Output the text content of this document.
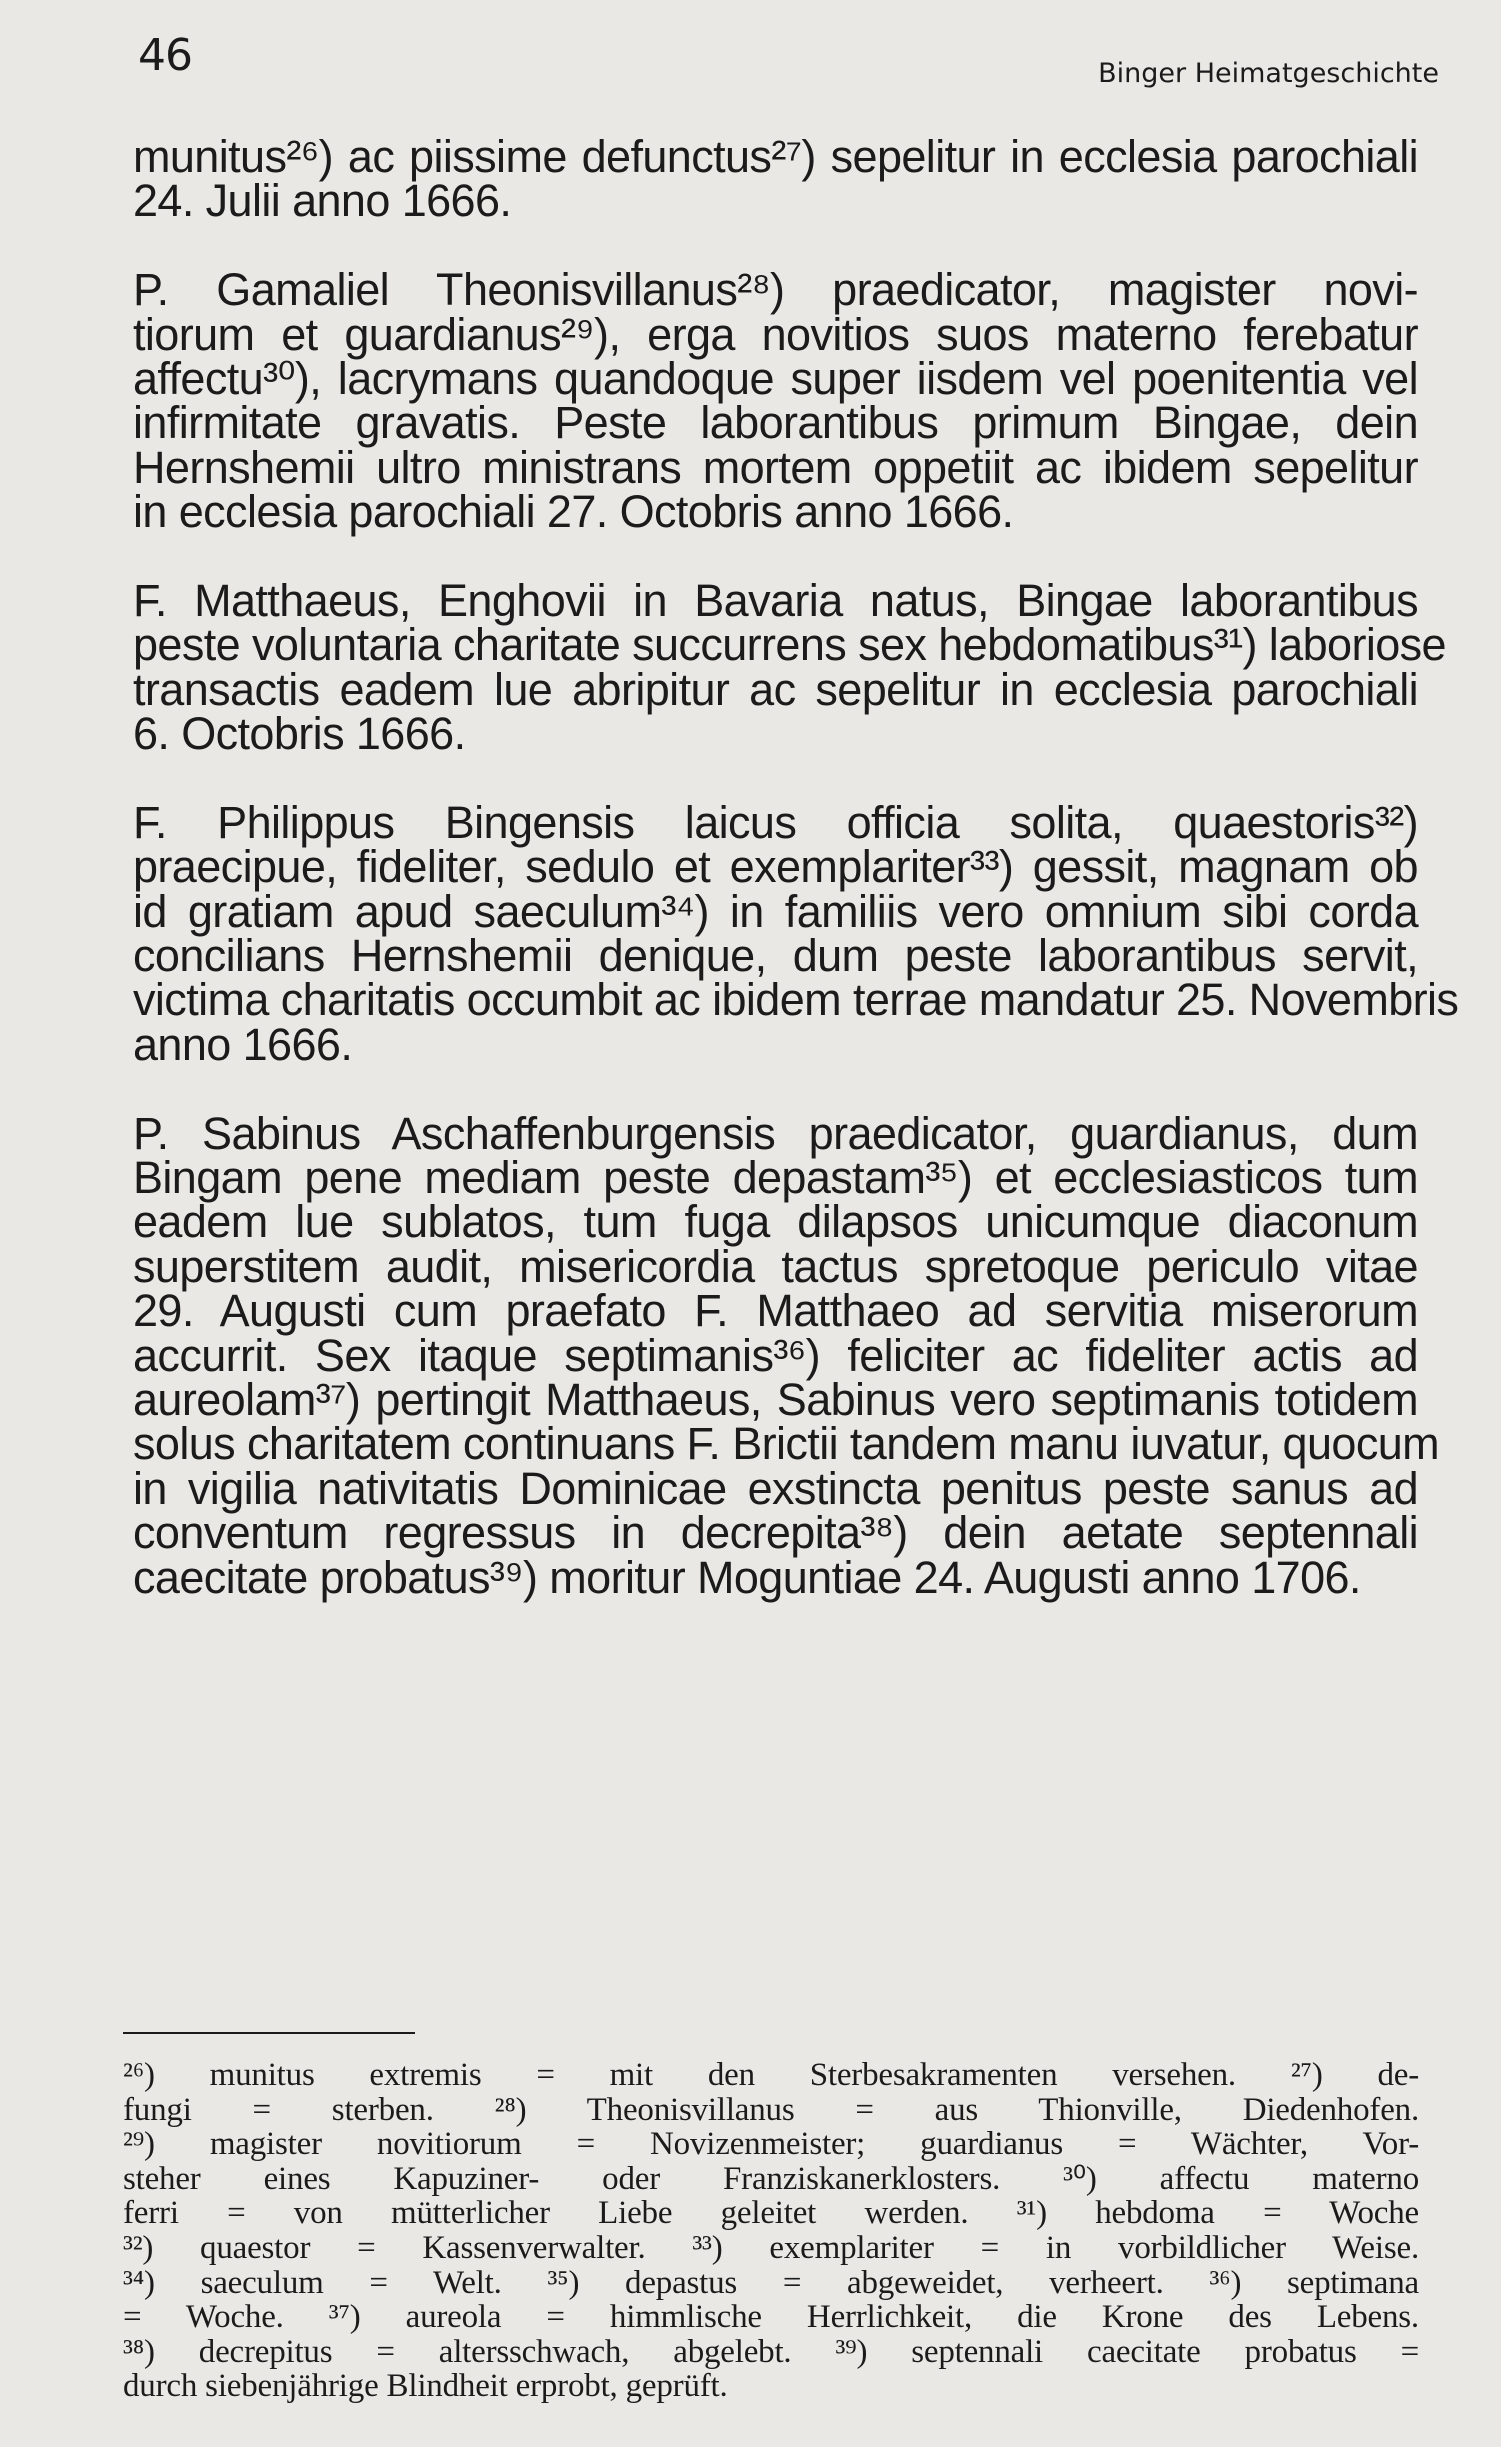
46	Binger Heimatgeschichte
munitus²⁶) ac piissime defunctus²⁷) sepelitur in ecclesia parochiali
24. Julii anno 1666.
P. Gamaliel Theonisvillanus²⁸) praedicator, magister novi-
tiorum et guardianus²⁹), erga novitios suos materno ferebatur
affectu³⁰), lacrymans quandoque super iisdem vel poenitentia vel
infirmitate gravatis. Peste laborantibus primum Bingae, dein
Hernshemii ultro ministrans mortem oppetiit ac ibidem sepelitur
in ecclesia parochiali 27. Octobris anno 1666.
F. Matthaeus, Enghovii in Bavaria natus, Bingae laborantibus
peste voluntaria charitate succurrens sex hebdomatibus³¹) laboriose
transactis eadem lue abripitur ac sepelitur in ecclesia parochiali
6. Octobris 1666.
F. Philippus Bingensis laicus officia solita, quaestoris³²)
praecipue, fideliter, sedulo et exemplariter³³) gessit, magnam ob
id gratiam apud saeculum³⁴) in familiis vero omnium sibi corda
concilians Hernshemii denique, dum peste laborantibus servit,
victima charitatis occumbit ac ibidem terrae mandatur 25. Novembris
anno 1666.
P. Sabinus Aschaffenburgensis praedicator, guardianus, dum
Bingam pene mediam peste depastam³⁵) et ecclesiasticos tum
eadem lue sublatos, tum fuga dilapsos unicumque diaconum
superstitem audit, misericordia tactus spretoque periculo vitae
29. Augusti cum praefato F. Matthaeo ad servitia miserorum
accurrit. Sex itaque septimanis³⁶) feliciter ac fideliter actis ad
aureolam³⁷) pertingit Matthaeus, Sabinus vero septimanis totidem
solus charitatem continuans F. Brictii tandem manu iuvatur, quocum
in vigilia nativitatis Dominicae exstincta penitus peste sanus ad
conventum regressus in decrepita³⁸) dein aetate septennali
caecitate probatus³⁹) moritur Moguntiae 24. Augusti anno 1706.
²⁶) munitus extremis = mit den Sterbesakramenten versehen. ²⁷) de-
fungi = sterben. ²⁸) Theonisvillanus = aus Thionville, Diedenhofen.
²⁹) magister novitiorum = Novizenmeister; guardianus = Wächter, Vor-
steher eines Kapuziner- oder Franziskanerklosters. ³⁰) affectu materno
ferri = von mütterlicher Liebe geleitet werden. ³¹) hebdoma = Woche
³²) quaestor = Kassenverwalter. ³³) exemplariter = in vorbildlicher Weise.
³⁴) saeculum = Welt. ³⁵) depastus = abgeweidet, verheert. ³⁶) septimana
= Woche. ³⁷) aureola = himmlische Herrlichkeit, die Krone des Lebens.
³⁸) decrepitus = altersschwach, abgelebt. ³⁹) septennali caecitate probatus =
durch siebenjährige Blindheit erprobt, geprüft.
